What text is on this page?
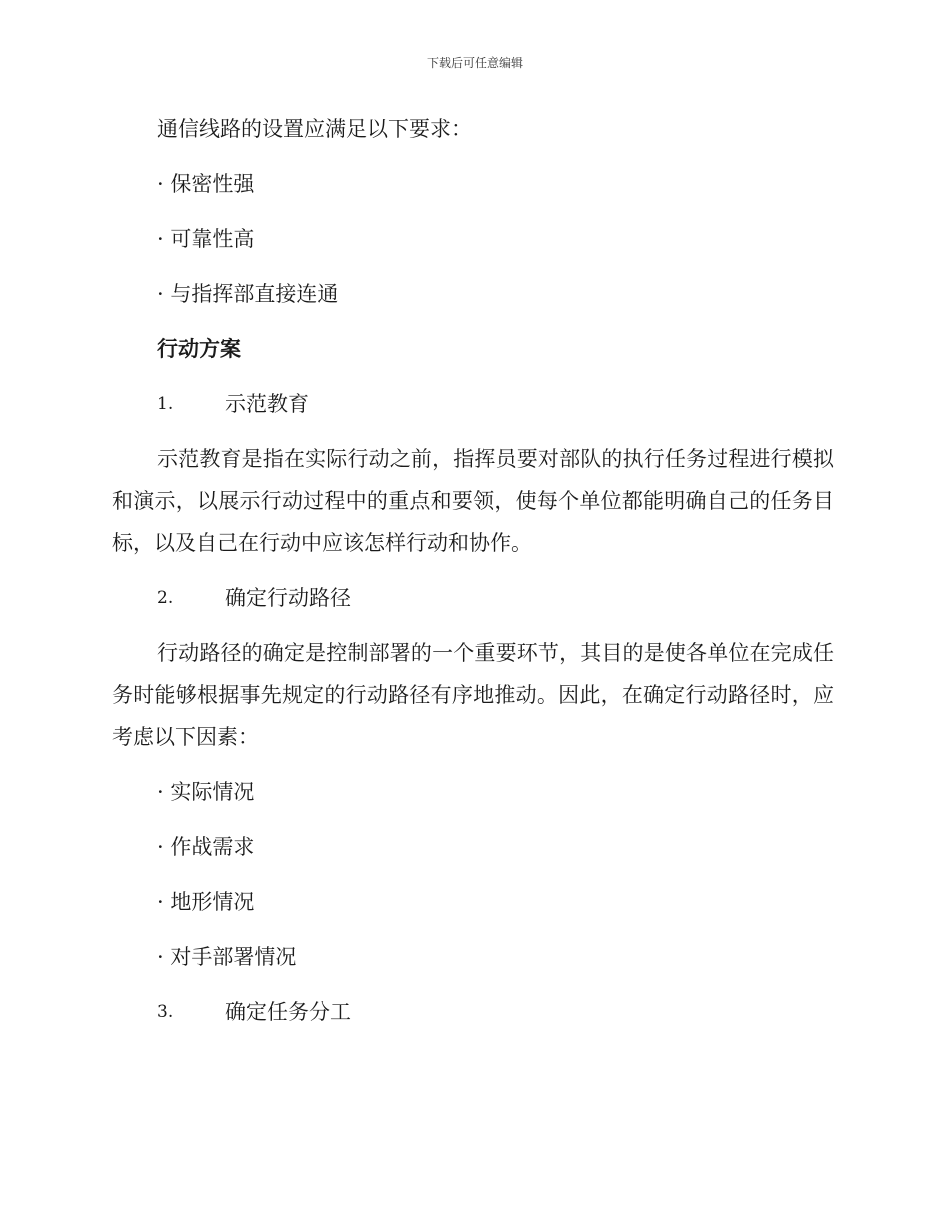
下载后可任意编辑
通信线路的设置应满足以下要求：
· 保密性强
· 可靠性高
· 与指挥部直接连通
行动方案
1.	示范教育
示范教育是指在实际行动之前，指挥员要对部队的执行任务过程进行模拟和演示，以展示行动过程中的重点和要领，使每个单位都能明确自己的任务目标，以及自己在行动中应该怎样行动和协作。
2.	确定行动路径
行动路径的确定是控制部署的一个重要环节，其目的是使各单位在完成任务时能够根据事先规定的行动路径有序地推动。因此，在确定行动路径时，应考虑以下因素：
· 实际情况
· 作战需求
· 地形情况
· 对手部署情况
3.	确定任务分工
